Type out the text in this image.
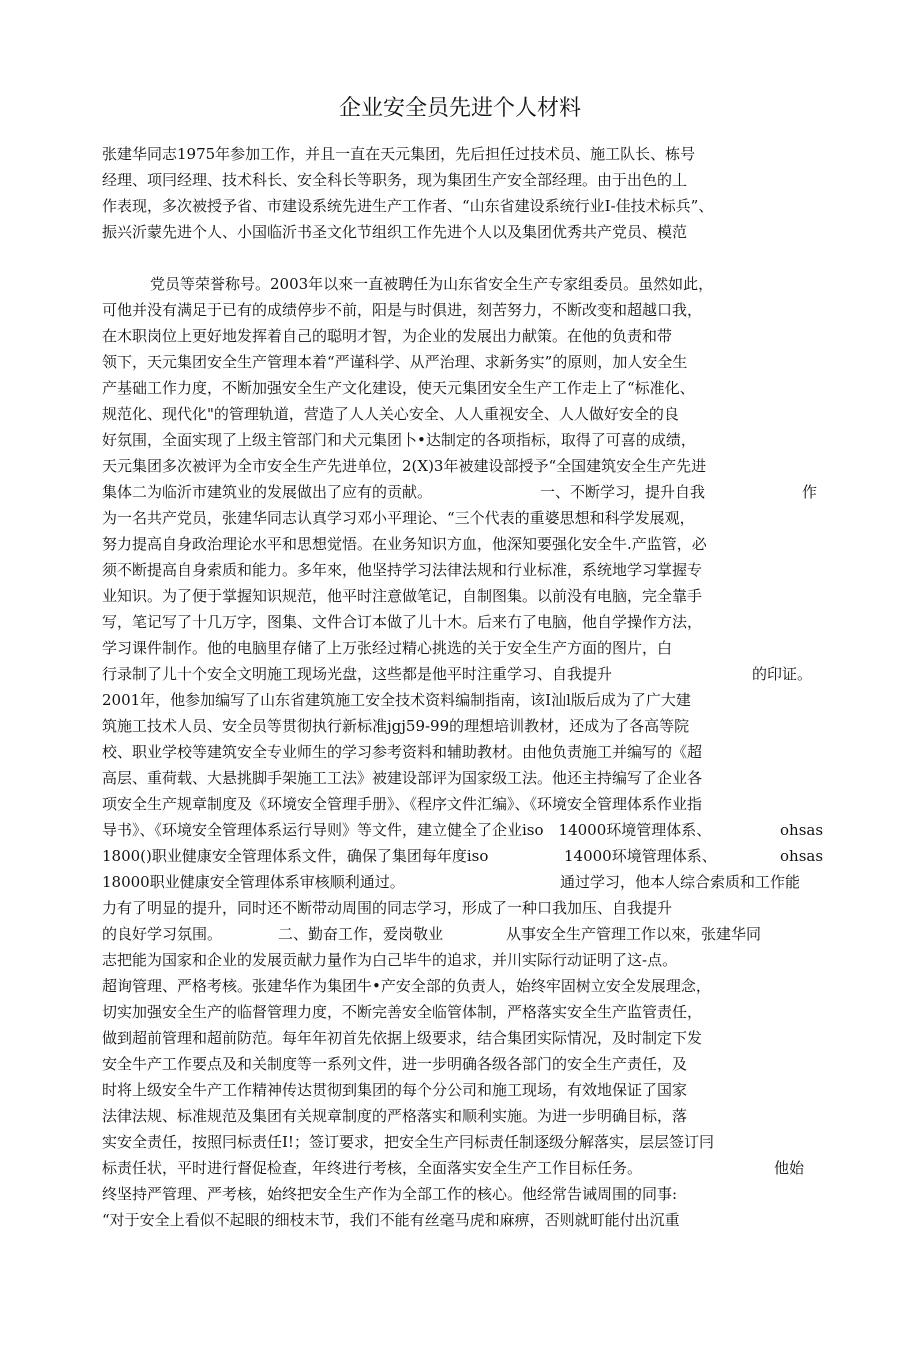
企业安全员先进个人材料
张建华同志1975年参加工作，并且一直在天元集团，先后担任过技术员、施工队长、栋号
经理、项冃经理、技术科长、安全科长等职务，现为集团生产安全部经理。由于出色的丄
作表现，多次被授予省、市建设系统先进生产工作者、“山东省建设系统行业I-佳技术标兵”、
振兴沂蒙先进个人、小国临沂书圣文化节组织工作先进个人以及集团优秀共产党员、模范
党员等荣誉称号。2003年以來一直被聘任为山东省安全生产专家组委员。虽然如此，
可他并没有满足于已有的成绩停步不前，阳是与时俱进，刻苦努力，不断改变和超越口我，
在木职岗位上更好地发挥着自己的聪明才智，为企业的发展出力献策。在他的负责和带
领下，天元集团安全生产管理本着“严谨科学、从严治理、求新务实”的原则，加人安全生
产基础工作力度，不断加强安全生产文化建设，使天元集团安全生产工作走上了“标准化、
规范化、现代化"的管理轨道，营造了人人关心安全、人人重视安全、人人做好安全的良
好氛围，全面实现了上级主管部门和犬元集团卜•达制定的各项指标，取得了可喜的成绩，
天元集团多次被评为全市安全生产先进单位，2(X)3年被建设部授予“全国建筑安全生产先进
集体二为临沂市建筑业的发展做出了应有的贡献。	一、不断学习，提升自我	作
为一名共产党员，张建华同志认真学习邓小平理论、“三个代表的重婆思想和科学发展观，
努力提高自身政治理论水平和思想觉悟。在业务知识方血，他深知要强化安全牛.产监管，必
须不断提高自身索质和能力。多年來，他坚持学习法律法规和行业标准，系统地学习掌握专
业知识。为了便于掌握知识规范，他平时注意做笔记，自制图集。以前没有电脑，完全靠手
写，笔记写了十几万字，图集、文件合订本做了儿十木。后来冇了电脑，他自学操作方法，
学习课件制作。他的电脑里存储了上万张经过精心挑选的关于安全生产方面的图片，白
行录制了儿十个安全文明施工现场光盘，这些都是他平时注重学习、自我提升	的印证。
2001年，他参加编写了山东省建筑施工安全技术资料编制指南，该I汕l版后成为了广大建
筑施工技术人员、安全员等贯彻执行新标准jgj59-99的理想培训教材，还成为了各高等院
校、职业学校等建筑安全专业师生的学习参考资料和辅助教材。由他负责施工并编写的《超
高层、重荷载、大悬挑脚手架施工工法》被建设部评为国家级工法。他还主持编写了企业各
项安全生产规章制度及《环境安全管理手册》、《程序文件汇编》、《环境安全管理体系作业指
导书》、《环境安全管理体系运行导则》等文件，建立健全了企业iso　14000环境管理体系、	ohsas
1800()职业健康安全管理体系文件，确保了集团每年度iso	14000环境管理体系、	ohsas
18000职业健康安全管理体系审核顺利通过。	通过学习，他本人综合索质和工作能
力有了明显的提升，同时还不断带动周围的同志学习，形成了一种口我加压、自我提升
的良好学习氛围。	二、勤奋工作，爱岗敬业	从事安全生产管理工作以來，张建华同
志把能为国家和企业的发展贡献力量作为白己毕牛的追求，并川实际行动证明了这-点。
超询管理、严格考核。张建华作为集团牛•产安全部的负责人，始终牢固树立安全发展理念，
切实加强安全生产的临督管理力度，不断完善安全临管体制，严格落实安全生产监管责任，
做到超前管理和超前防范。每年年初首先依据上级要求，结合集团实际情况，及时制定下发
安全牛产工作要点及和关制度等一系列文件，进一步明确各级各部门的安全生产责任，及
时将上级安全牛产工作精神传达贯彻到集团的每个分公司和施工现场，有效地保证了国家
法律法规、标准规范及集团有关规章制度的严格落实和顺利实施。为进一步明确目标，落
实安全责任，按照冃标责任I!；签订要求，把安全生产冃标责任制逐级分解落实，层层签订冃
标责任状，平时进行督促检查，年终进行考核，全面落实安全生产工作目标任务。	他始
终坚持严管理、严考核，始终把安全生产作为全部工作的核心。他经常告诫周围的同事:
“对于安全上看似不起眼的细枝末节，我们不能有丝毫马虎和麻痹，否则就町能付出沉重
